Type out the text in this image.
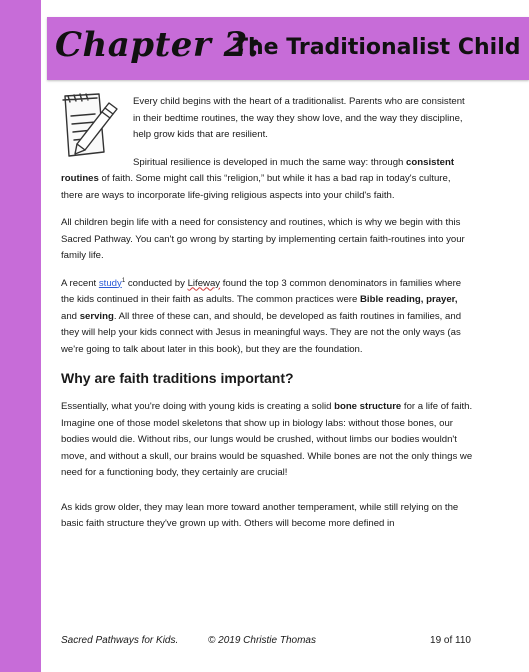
Chapter 2:
The Traditionalist Child

Every child begins with the heart of a traditionalist. Parents who are consistent in their bedtime routines, the way they show love, and the way they discipline, help grow kids that are resilient.

Spiritual resilience is developed in much the same way: through consistent routines of faith. Some might call this “religion,” but while it has a bad rap in today's culture, there are ways to incorporate life-giving religious aspects into your child's faith.

All children begin life with a need for consistency and routines, which is why we begin with this Sacred Pathway. You can't go wrong by starting by implementing certain faith-routines into your family life.

A recent study$^1$ conducted by Lifeway found the top 3 common denominators in families where the kids continued in their faith as adults. The common practices were Bible reading, prayer, and serving. All three of these can, and should, be developed as faith routines in families, and they will help your kids connect with Jesus in meaningful ways. They are not the only ways (as we're going to talk about later in this book), but they are the foundation.

Why are faith traditions important?

Essentially, what you're doing with young kids is creating a solid bone structure for a life of faith. Imagine one of those model skeletons that show up in biology labs: without those bones, our bodies would die. Without ribs, our lungs would be crushed, without limbs our bodies wouldn't move, and without a skull, our brains would be squashed. While bones are not the only things we need for a functioning body, they certainly are crucial!

As kids grow older, they may lean more toward another temperament, while still relying on the basic faith structure they've grown up with. Others will become more defined in

Sacred Pathways for Kids.	© 2019 Christie Thomas	19 of 110
